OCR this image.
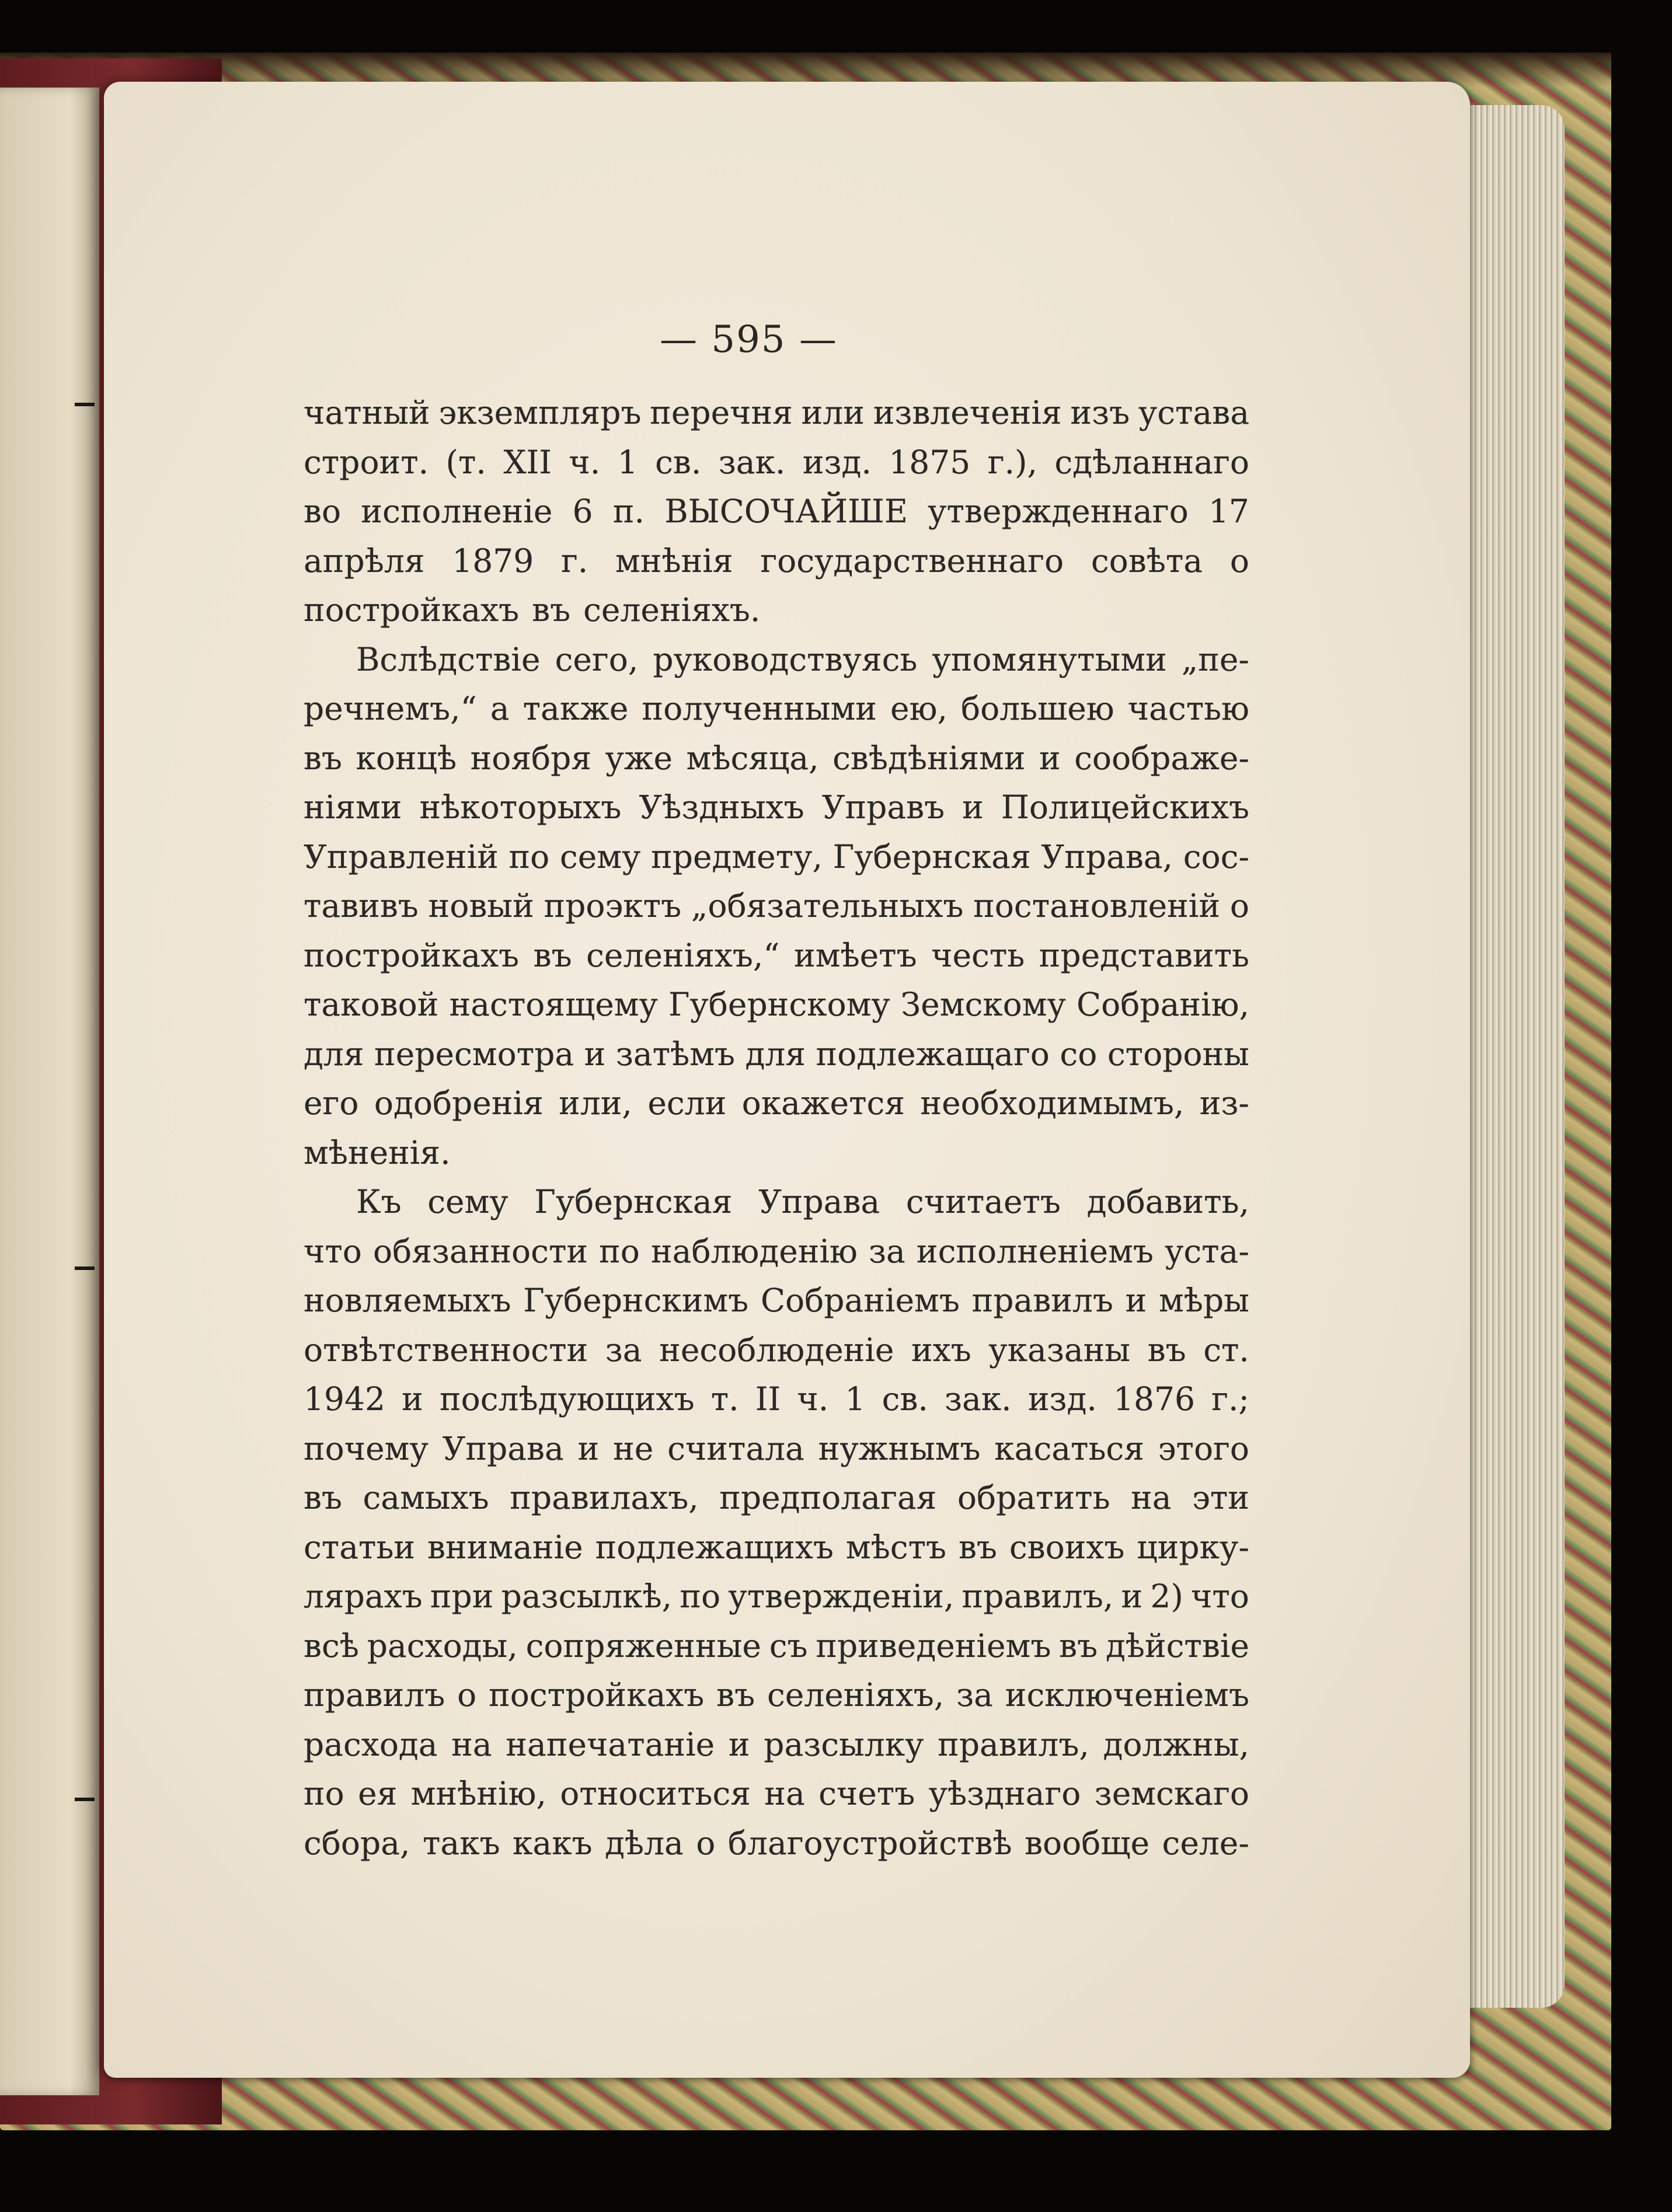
— 595 —
чатный экземпляръ перечня или извлеченія изъ устава
строит. (т. XII ч. 1 св. зак. изд. 1875 г.), сдѣланнаго
во исполненіе 6 п. ВЫСОЧАЙШЕ утвержденнаго 17
апрѣля 1879 г. мнѣнія государственнаго совѣта о
постройкахъ въ селеніяхъ.
Вслѣдствіе сего, руководствуясь упомянутыми „пе-
речнемъ,“ а также полученными ею, большею частью
въ концѣ ноября уже мѣсяца, свѣдѣніями и соображе-
ніями нѣкоторыхъ Уѣздныхъ Управъ и Полицейскихъ
Управленій по сему предмету, Губернская Управа, сос-
тавивъ новый проэктъ „обязательныхъ постановленій о
постройкахъ въ селеніяхъ,“ имѣетъ честь представить
таковой настоящему Губернскому Земскому Собранію,
для пересмотра и затѣмъ для подлежащаго со стороны
его одобренія или, если окажется необходимымъ, из-
мѣненія.
Къ сему Губернская Управа считаетъ добавить,
что обязанности по наблюденію за исполненіемъ уста-
новляемыхъ Губернскимъ Собраніемъ правилъ и мѣры
отвѣтственности за несоблюденіе ихъ указаны въ ст.
1942 и послѣдующихъ т. II ч. 1 св. зак. изд. 1876 г.;
почему Управа и не считала нужнымъ касаться этого
въ самыхъ правилахъ, предполагая обратить на эти
статьи вниманіе подлежащихъ мѣстъ въ своихъ цирку-
лярахъ при разсылкѣ, по утвержденіи, правилъ, и 2) что
всѣ расходы, сопряженные съ приведеніемъ въ дѣйствіе
правилъ о постройкахъ въ селеніяхъ, за исключеніемъ
расхода на напечатаніе и разсылку правилъ, должны,
по ея мнѣнію, относиться на счетъ уѣзднаго земскаго
сбора, такъ какъ дѣла о благоустройствѣ вообще селе-
